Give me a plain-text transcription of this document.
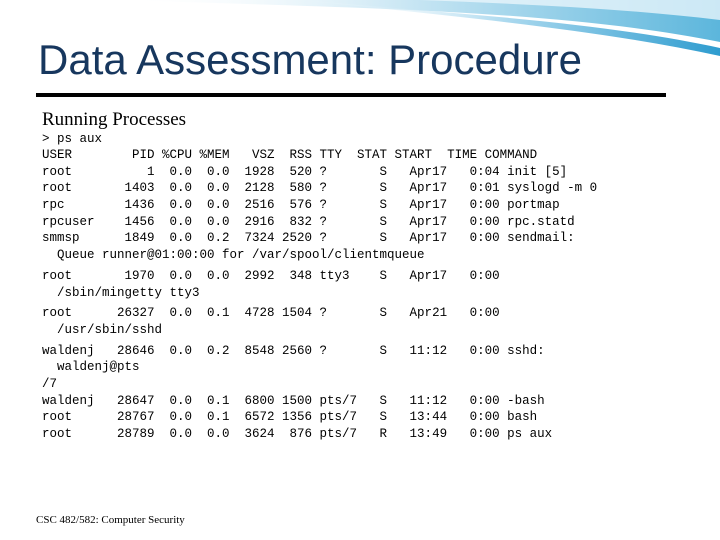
Data Assessment: Procedure
Running Processes
> ps aux
USER        PID %CPU %MEM   VSZ  RSS TTY  STAT START  TIME COMMAND
root          1  0.0  0.0  1928  520 ?       S   Apr17   0:04 init [5]
root       1403  0.0  0.0  2128  580 ?       S   Apr17   0:01 syslogd -m 0
rpc        1436  0.0  0.0  2516  576 ?       S   Apr17   0:00 portmap
rpcuser    1456  0.0  0.0  2916  832 ?       S   Apr17   0:00 rpc.statd
smmsp      1849  0.0  0.2  7324 2520 ?       S   Apr17   0:00 sendmail:
Queue runner@01:00:00 for /var/spool/clientmqueue
root       1970  0.0  0.0  2992  348 tty3    S   Apr17   0:00
/sbin/mingetty tty3
root      26327  0.0  0.1  4728 1504 ?       S   Apr21   0:00
/usr/sbin/sshd
waldenj   28646  0.0  0.2  8548 2560 ?       S   11:12   0:00 sshd:
waldenj@pts
/7
waldenj   28647  0.0  0.1  6800 1500 pts/7   S   11:12   0:00 -bash
root      28767  0.0  0.1  6572 1356 pts/7   S   13:44   0:00 bash
root      28789  0.0  0.0  3624  876 pts/7   R   13:49   0:00 ps aux
CSC 482/582: Computer Security
